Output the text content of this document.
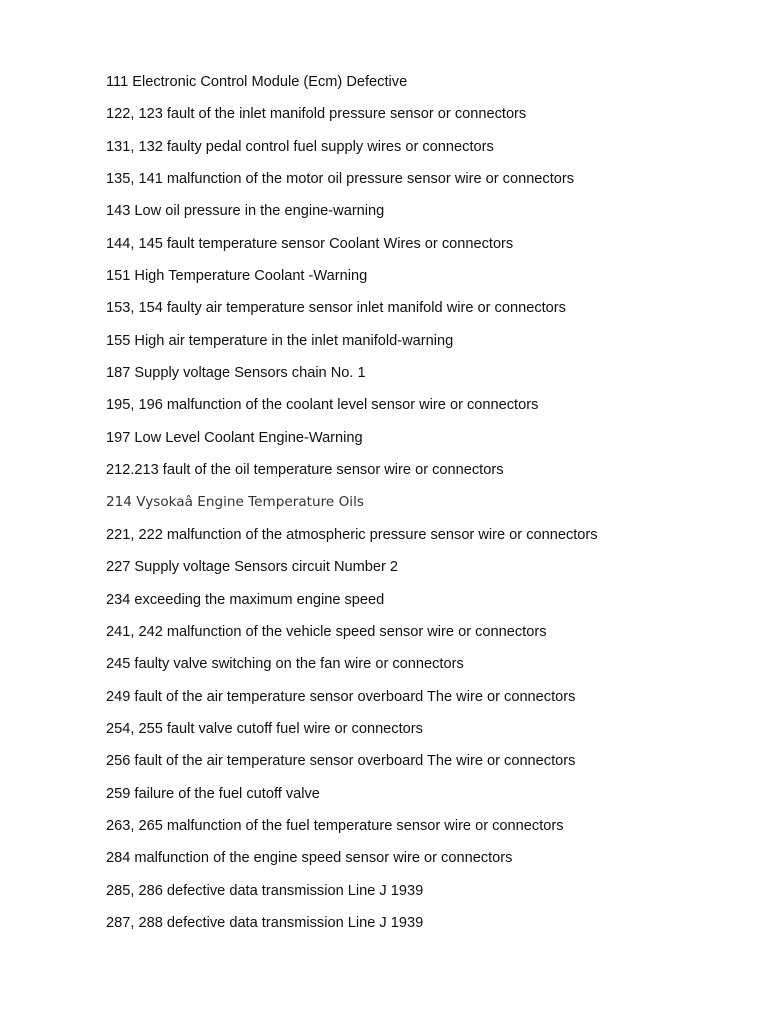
111 Electronic Control Module (Ecm) Defective
122, 123 fault of the inlet manifold pressure sensor or connectors
131, 132 faulty pedal control fuel supply wires or connectors
135, 141 malfunction of the motor oil pressure sensor wire or connectors
143 Low oil pressure in the engine-warning
144, 145 fault temperature sensor Coolant Wires or connectors
151 High Temperature Coolant -Warning
153, 154 faulty air temperature sensor inlet manifold wire or connectors
155 High air temperature in the inlet manifold-warning
187 Supply voltage Sensors chain No. 1
195, 196 malfunction of the coolant level sensor wire or connectors
197 Low Level Coolant Engine-Warning
212.213 fault of the oil temperature sensor wire or connectors
214 Vysokaâ Engine Temperature Oils
221, 222 malfunction of the atmospheric pressure sensor wire or connectors
227 Supply voltage Sensors circuit Number 2
234 exceeding the maximum engine speed
241, 242 malfunction of the vehicle speed sensor wire or connectors
245 faulty valve switching on the fan wire or connectors
249 fault of the air temperature sensor overboard The wire or connectors
254, 255 fault valve cutoff fuel wire or connectors
256 fault of the air temperature sensor overboard The wire or connectors
259 failure of the fuel cutoff valve
263, 265 malfunction of the fuel temperature sensor wire or connectors
284 malfunction of the engine speed sensor wire or connectors
285, 286 defective data transmission Line J 1939
287, 288 defective data transmission Line J 1939
